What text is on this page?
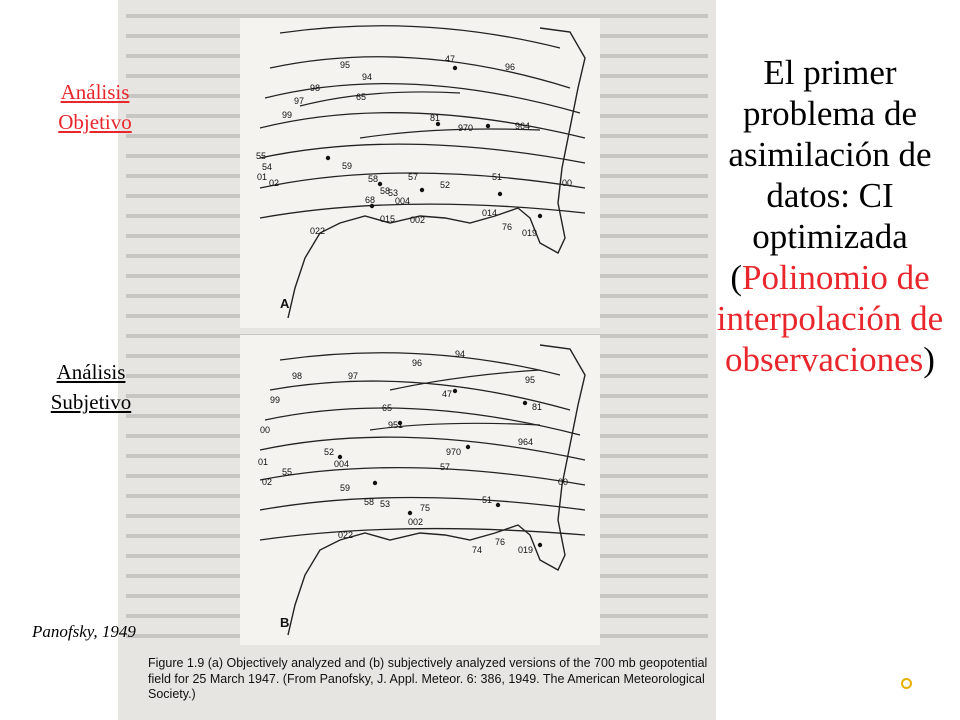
94
96
95
98
00
01
02
59
58
53
52
51
47
55
54
65
68
97
99	81
970	964
022
015 002
004
019
014
57
58
76
A
94
95
96
98	97
99
00
01
02
47
81
65
951
970
964
52
004
55	57
59
58 53
002
51
022
74	019
76
75
00
B
Figure 1.9 (a) Objectively analyzed and (b) subjectively analyzed versions of the 700 mb geopotential field for 25 March 1947. (From Panofsky, J. Appl. Meteor. 6: 386, 1949. The American Meteorological Society.)
Análisis Objetivo
Análisis Subjetivo
Panofsky, 1949
El primer problema de asimilación de datos: CI optimizada (Polinomio de interpolación de observaciones)
